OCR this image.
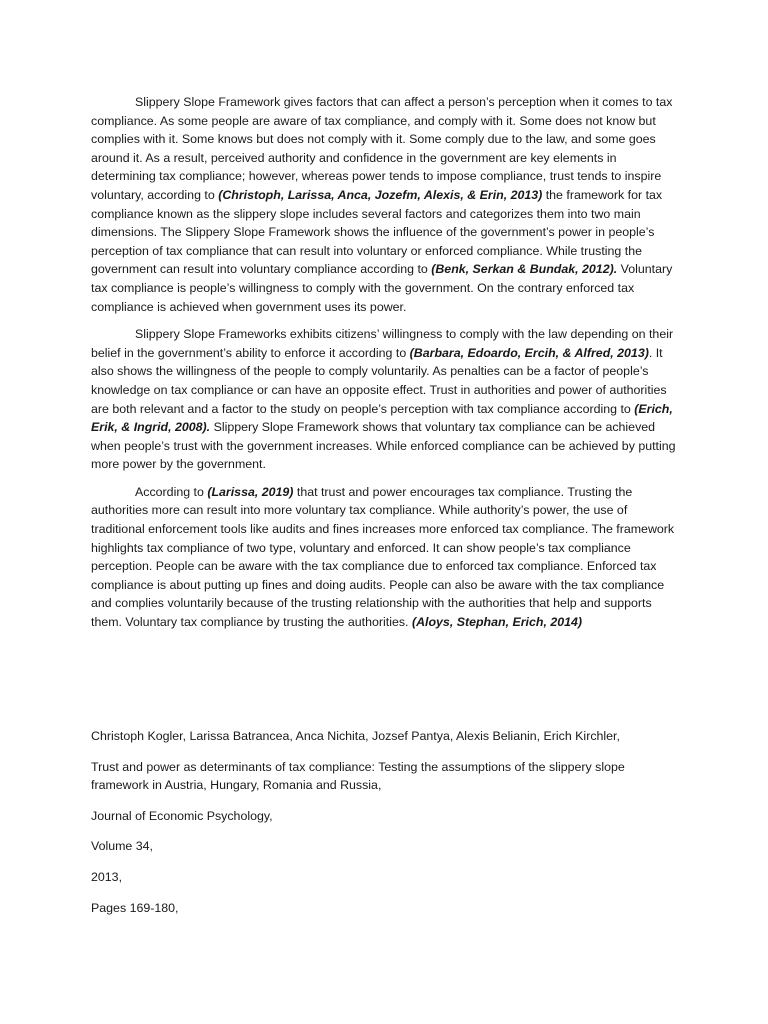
Slippery Slope Framework gives factors that can affect a person’s perception when it comes to tax compliance. As some people are aware of tax compliance, and comply with it. Some does not know but complies with it. Some knows but does not comply with it. Some comply due to the law, and some goes around it. As a result, perceived authority and confidence in the government are key elements in determining tax compliance; however, whereas power tends to impose compliance, trust tends to inspire voluntary, according to (Christoph, Larissa, Anca, Jozefm, Alexis, & Erin, 2013) the framework for tax compliance known as the slippery slope includes several factors and categorizes them into two main dimensions. The Slippery Slope Framework shows the influence of the government’s power in people’s perception of tax compliance that can result into voluntary or enforced compliance. While trusting the government can result into voluntary compliance according to (Benk, Serkan & Bundak, 2012). Voluntary tax compliance is people’s willingness to comply with the government. On the contrary enforced tax compliance is achieved when government uses its power.

Slippery Slope Frameworks exhibits citizens’ willingness to comply with the law depending on their belief in the government’s ability to enforce it according to (Barbara, Edoardo, Ercih, & Alfred, 2013). It also shows the willingness of the people to comply voluntarily. As penalties can be a factor of people’s knowledge on tax compliance or can have an opposite effect. Trust in authorities and power of authorities are both relevant and a factor to the study on people’s perception with tax compliance according to (Erich, Erik, & Ingrid, 2008). Slippery Slope Framework shows that voluntary tax compliance can be achieved when people’s trust with the government increases. While enforced compliance can be achieved by putting more power by the government.

According to (Larissa, 2019) that trust and power encourages tax compliance. Trusting the authorities more can result into more voluntary tax compliance. While authority’s power, the use of traditional enforcement tools like audits and fines increases more enforced tax compliance. The framework highlights tax compliance of two type, voluntary and enforced. It can show people’s tax compliance perception. People can be aware with the tax compliance due to enforced tax compliance. Enforced tax compliance is about putting up fines and doing audits. People can also be aware with the tax compliance and complies voluntarily because of the trusting relationship with the authorities that help and supports them. Voluntary tax compliance by trusting the authorities. (Aloys, Stephan, Erich, 2014)

Christoph Kogler, Larissa Batrancea, Anca Nichita, Jozsef Pantya, Alexis Belianin, Erich Kirchler,

Trust and power as determinants of tax compliance: Testing the assumptions of the slippery slope framework in Austria, Hungary, Romania and Russia,

Journal of Economic Psychology,

Volume 34,

2013,

Pages 169-180,
